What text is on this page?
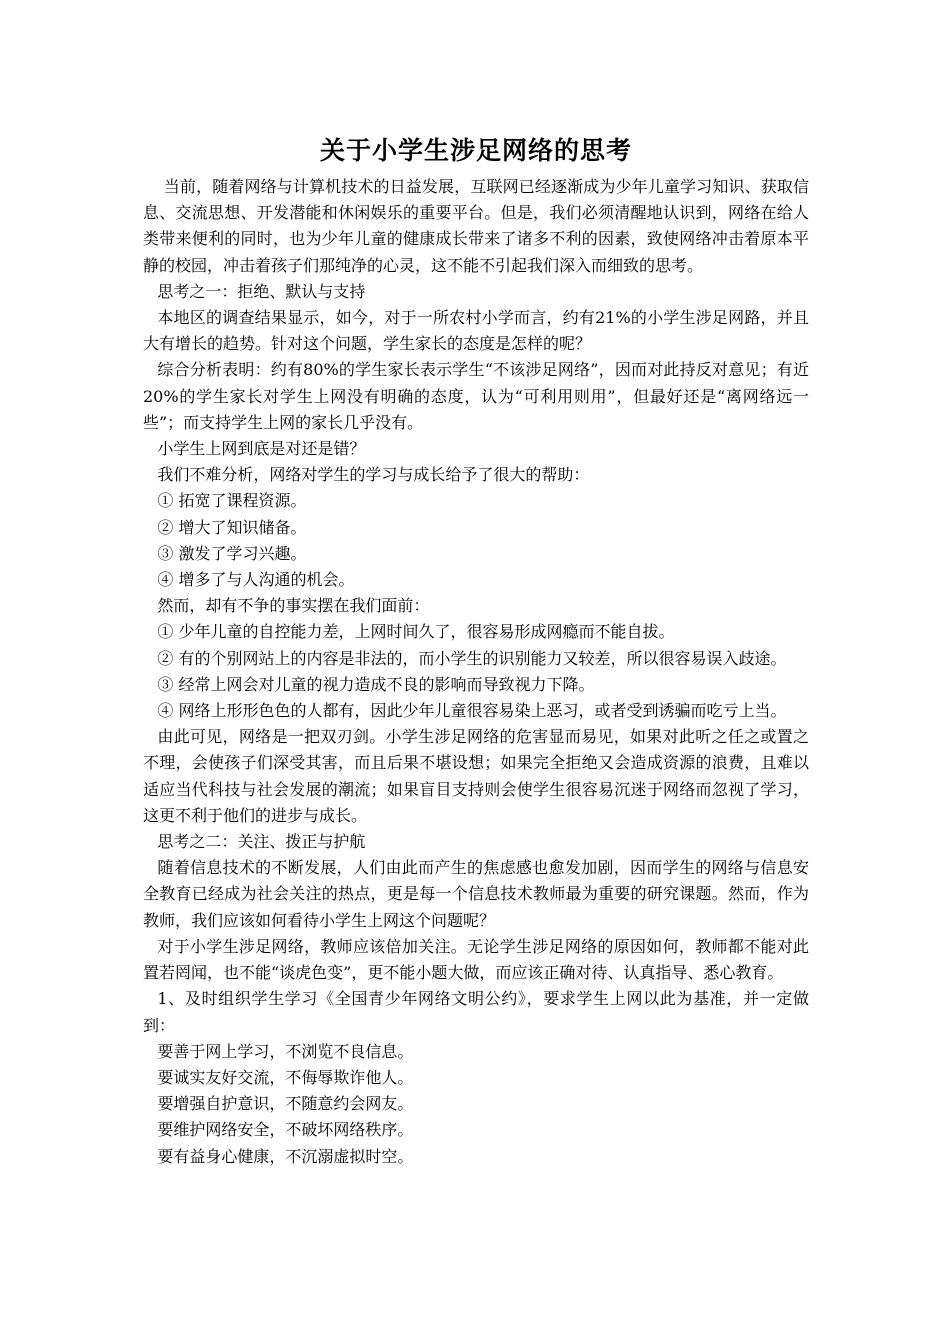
关于小学生涉足网络的思考

当前，随着网络与计算机技术的日益发展，互联网已经逐渐成为少年儿童学习知识、获取信息、交流思想、开发潜能和休闲娱乐的重要平台。但是，我们必须清醒地认识到，网络在给人类带来便利的同时，也为少年儿童的健康成长带来了诸多不利的因素，致使网络冲击着原本平静的校园，冲击着孩子们那纯净的心灵，这不能不引起我们深入而细致的思考。

思考之一：拒绝、默认与支持

本地区的调查结果显示，如今，对于一所农村小学而言，约有21%的小学生涉足网路，并且大有增长的趋势。针对这个问题，学生家长的态度是怎样的呢？

综合分析表明：约有80%的学生家长表示学生“不该涉足网络”，因而对此持反对意见；有近20%的学生家长对学生上网没有明确的态度，认为“可利用则用”，但最好还是“离网络远一些”；而支持学生上网的家长几乎没有。

小学生上网到底是对还是错？

我们不难分析，网络对学生的学习与成长给予了很大的帮助：

① 拓宽了课程资源。

② 增大了知识储备。

③ 激发了学习兴趣。

④ 增多了与人沟通的机会。

然而，却有不争的事实摆在我们面前：

① 少年儿童的自控能力差，上网时间久了，很容易形成网瘾而不能自拔。

② 有的个别网站上的内容是非法的，而小学生的识别能力又较差，所以很容易误入歧途。

③ 经常上网会对儿童的视力造成不良的影响而导致视力下降。

④ 网络上形形色色的人都有，因此少年儿童很容易染上恶习，或者受到诱骗而吃亏上当。

由此可见，网络是一把双刃剑。小学生涉足网络的危害显而易见，如果对此听之任之或置之不理，会使孩子们深受其害，而且后果不堪设想；如果完全拒绝又会造成资源的浪费，且难以适应当代科技与社会发展的潮流；如果盲目支持则会使学生很容易沉迷于网络而忽视了学习，这更不利于他们的进步与成长。

思考之二：关注、拨正与护航

随着信息技术的不断发展，人们由此而产生的焦虑感也愈发加剧，因而学生的网络与信息安全教育已经成为社会关注的热点，更是每一个信息技术教师最为重要的研究课题。然而，作为教师，我们应该如何看待小学生上网这个问题呢？

对于小学生涉足网络，教师应该倍加关注。无论学生涉足网络的原因如何，教师都不能对此置若罔闻，也不能“谈虎色变”，更不能小题大做，而应该正确对待、认真指导、悉心教育。

1、及时组织学生学习《全国青少年网络文明公约》，要求学生上网以此为基准，并一定做到：

要善于网上学习，不浏览不良信息。

要诚实友好交流，不侮辱欺诈他人。

要增强自护意识，不随意约会网友。

要维护网络安全，不破坏网络秩序。

要有益身心健康，不沉溺虚拟时空。
